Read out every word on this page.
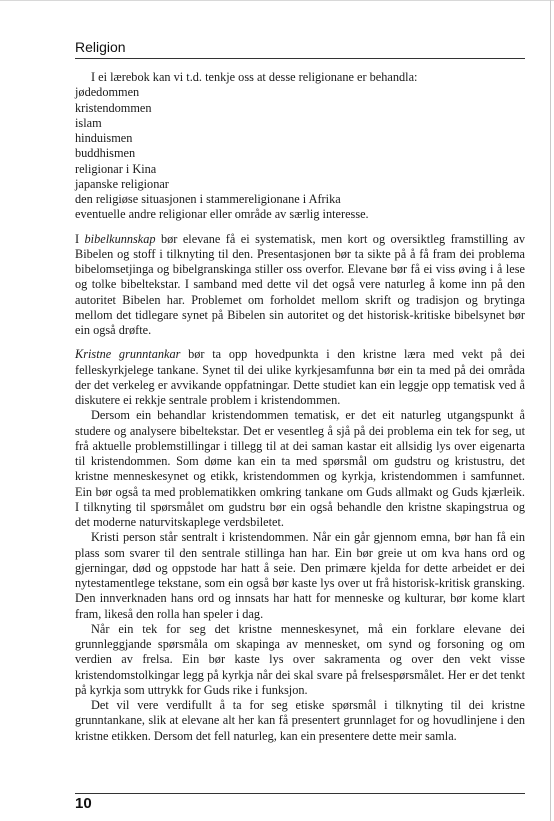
Religion

I ei lærebok kan vi t.d. tenkje oss at desse religionane er behandla:

jødedommen
kristendommen
islam
hinduismen
buddhismen
religionar i Kina
japanske religionar
den religiøse situasjonen i stammereligionane i Afrika
eventuelle andre religionar eller område av særlig interesse.

I bibelkunnskap bør elevane få ei systematisk, men kort og oversiktleg framstilling av Bibelen og stoff i tilknyting til den. Presentasjonen bør ta sikte på å få fram dei problema bibelomsetjinga og bibelgranskinga stiller oss overfor. Elevane bør få ei viss øving i å lese og tolke bibeltekstar. I samband med dette vil det også vere naturleg å kome inn på den autoritet Bibelen har. Problemet om forholdet mellom skrift og tradisjon og brytinga mellom det tidlegare synet på Bibelen sin autoritet og det historisk-kritiske bibelsynet bør ein også drøfte.

Kristne grunntankar bør ta opp hovedpunkta i den kristne læra med vekt på dei felleskyrkjelege tankane. Synet til dei ulike kyrkjesamfunna bør ein ta med på dei områda der det verkeleg er avvikande oppfatningar. Dette studiet kan ein leggje opp tematisk ved å diskutere ei rekkje sentrale problem i kristendommen.

Dersom ein behandlar kristendommen tematisk, er det eit naturleg utgangspunkt å studere og analysere bibeltekstar. Det er vesentleg å sjå på dei problema ein tek for seg, ut frå aktuelle problemstillingar i tillegg til at dei saman kastar eit allsidig lys over eigenarta til kristendommen. Som døme kan ein ta med spørsmål om gudstru og kristustru, det kristne menneskesynet og etikk, kristendommen og kyrkja, kristendommen i samfunnet. Ein bør også ta med problematikken omkring tankane om Guds allmakt og Guds kjærleik. I tilknyting til spørsmålet om gudstru bør ein også behandle den kristne skapingstrua og det moderne naturvitskaplege verdsbiletet.

Kristi person står sentralt i kristendommen. Når ein går gjennom emna, bør han få ein plass som svarer til den sentrale stillinga han har. Ein bør greie ut om kva hans ord og gjerningar, død og oppstode har hatt å seie. Den primære kjelda for dette arbeidet er dei nytestamentlege tekstane, som ein også bør kaste lys over ut frå historisk-kritisk gransking. Den innverknaden hans ord og innsats har hatt for menneske og kulturar, bør kome klart fram, likeså den rolla han speler i dag.

Når ein tek for seg det kristne menneskesynet, må ein forklare elevane dei grunnleggjande spørsmåla om skapinga av mennesket, om synd og forsoning og om verdien av frelsa. Ein bør kaste lys over sakramenta og over den vekt visse kristendomstolkingar legg på kyrkja når dei skal svare på frelsespørsmålet. Her er det tenkt på kyrkja som uttrykk for Guds rike i funksjon.

Det vil vere verdifullt å ta for seg etiske spørsmål i tilknyting til dei kristne grunntankane, slik at elevane alt her kan få presentert grunnlaget for og hovudlinjene i den kristne etikken. Dersom det fell naturleg, kan ein presentere dette meir samla.

10
